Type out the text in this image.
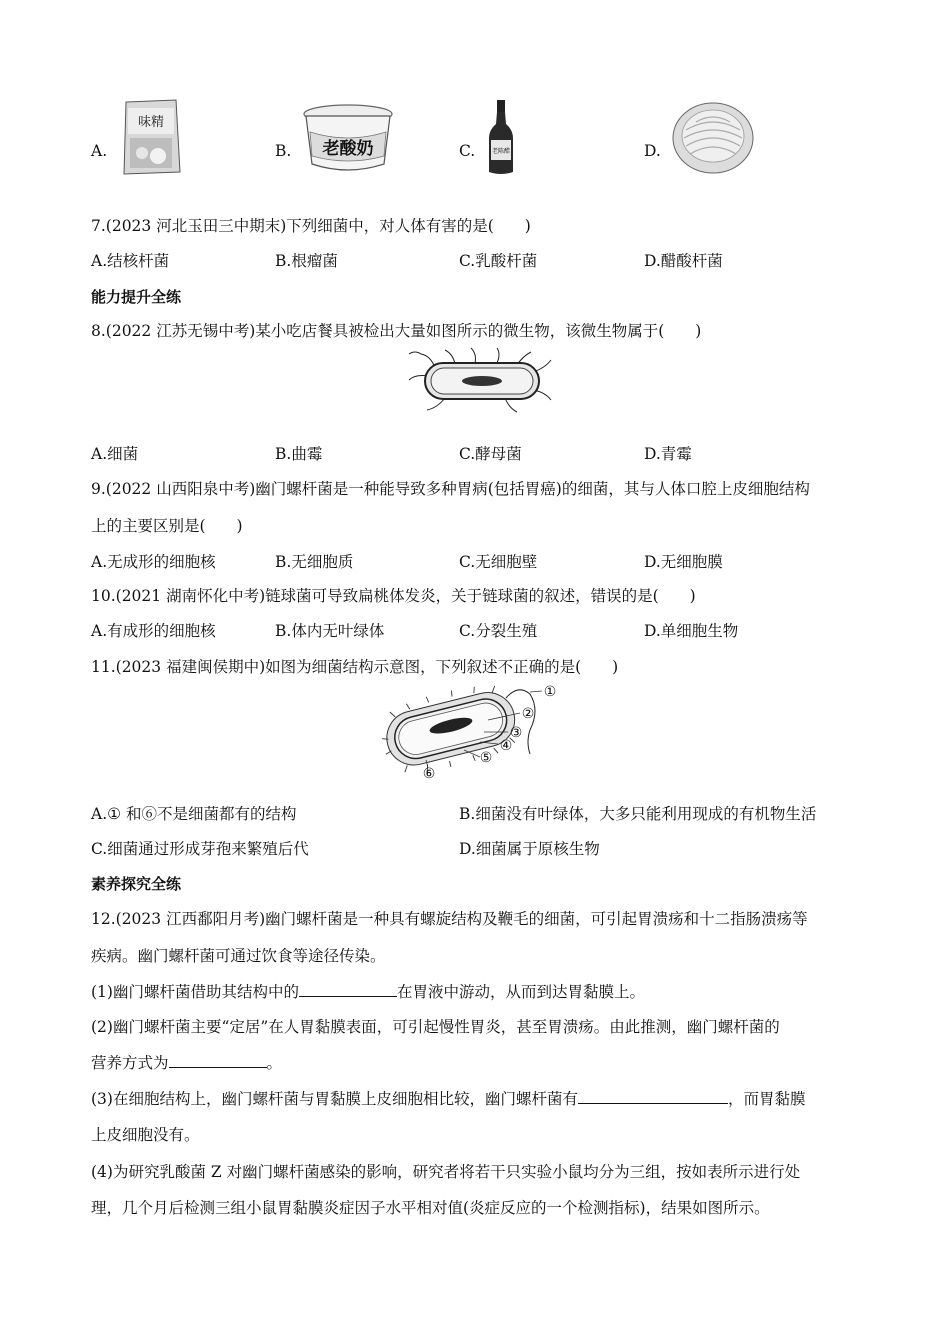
A.
味精
B. 老酸奶	C.	老陈醋	D.
7.(2023 河北玉田三中期末)下列细菌中，对人体有害的是(　　)
A.结核杆菌	B.根瘤菌	C.乳酸杆菌	D.醋酸杆菌
能力提升全练
8.(2022 江苏无锡中考)某小吃店餐具被检出大量如图所示的微生物，该微生物属于(　　)
A.细菌	B.曲霉	C.酵母菌	D.青霉
9.(2022 山西阳泉中考)幽门螺杆菌是一种能导致多种胃病(包括胃癌)的细菌，其与人体口腔上皮细胞结构
上的主要区别是(　　)
A.无成形的细胞核	B.无细胞质	C.无细胞壁	D.无细胞膜
10.(2021 湖南怀化中考)链球菌可导致扁桃体发炎，关于链球菌的叙述，错误的是(　　)
A.有成形的细胞核	B.体内无叶绿体	C.分裂生殖	D.单细胞生物
11.(2023 福建闽侯期中)如图为细菌结构示意图，下列叙述不正确的是(　　)
①
②
③
④
⑤
⑥
A.① 和⑥不是细菌都有的结构	B.细菌没有叶绿体，大多只能利用现成的有机物生活
C.细菌通过形成芽孢来繁殖后代	D.细菌属于原核生物
素养探究全练
12.(2023 江西鄱阳月考)幽门螺杆菌是一种具有螺旋结构及鞭毛的细菌，可引起胃溃疡和十二指肠溃疡等
疾病。幽门螺杆菌可通过饮食等途径传染。
(1)幽门螺杆菌借助其结构中的	在胃液中游动，从而到达胃黏膜上。
(2)幽门螺杆菌主要“定居”在人胃黏膜表面，可引起慢性胃炎，甚至胃溃疡。由此推测，幽门螺杆菌的
营养方式为	。
(3)在细胞结构上，幽门螺杆菌与胃黏膜上皮细胞相比较，幽门螺杆菌有	，而胃黏膜
上皮细胞没有。
(4)为研究乳酸菌 Z 对幽门螺杆菌感染的影响，研究者将若干只实验小鼠均分为三组，按如表所示进行处
理，几个月后检测三组小鼠胃黏膜炎症因子水平相对值(炎症反应的一个检测指标)，结果如图所示。
